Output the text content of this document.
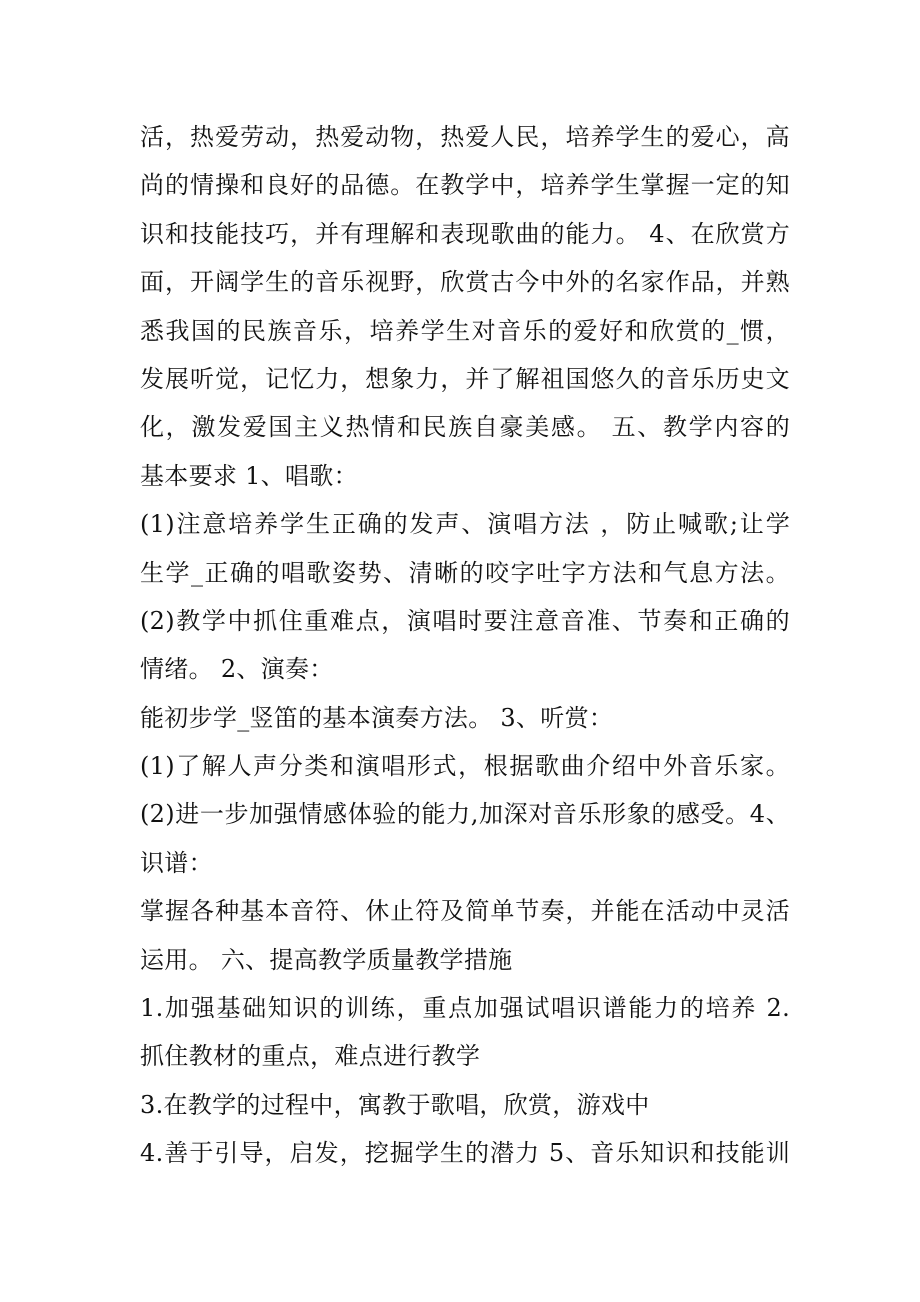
活，热爱劳动，热爱动物，热爱人民，培养学生的爱心，高
尚的情操和良好的品德。在教学中，培养学生掌握一定的知
识和技能技巧，并有理解和表现歌曲的能力。 4、在欣赏方
面，开阔学生的音乐视野，欣赏古今中外的名家作品，并熟
悉我国的民族音乐，培养学生对音乐的爱好和欣赏的_惯，
发展听觉，记忆力，想象力，并了解祖国悠久的音乐历史文
化，激发爱国主义热情和民族自豪美感。 五、教学内容的
基本要求 1、唱歌：
(1)注意培养学生正确的发声、演唱方法 ，防止喊歌;让学
生学_正确的唱歌姿势、清晰的咬字吐字方法和气息方法。
(2)教学中抓住重难点，演唱时要注意音准、节奏和正确的
情绪。 2、演奏：
能初步学_竖笛的基本演奏方法。 3、听赏：
(1)了解人声分类和演唱形式，根据歌曲介绍中外音乐家。
(2)进一步加强情感体验的能力,加深对音乐形象的感受。4、
识谱：
掌握各种基本音符、休止符及简单节奏，并能在活动中灵活
运用。 六、提高教学质量教学措施
1.加强基础知识的训练，重点加强试唱识谱能力的培养 2.
抓住教材的重点，难点进行教学
3.在教学的过程中，寓教于歌唱，欣赏，游戏中
4.善于引导，启发，挖掘学生的潜力 5、音乐知识和技能训
